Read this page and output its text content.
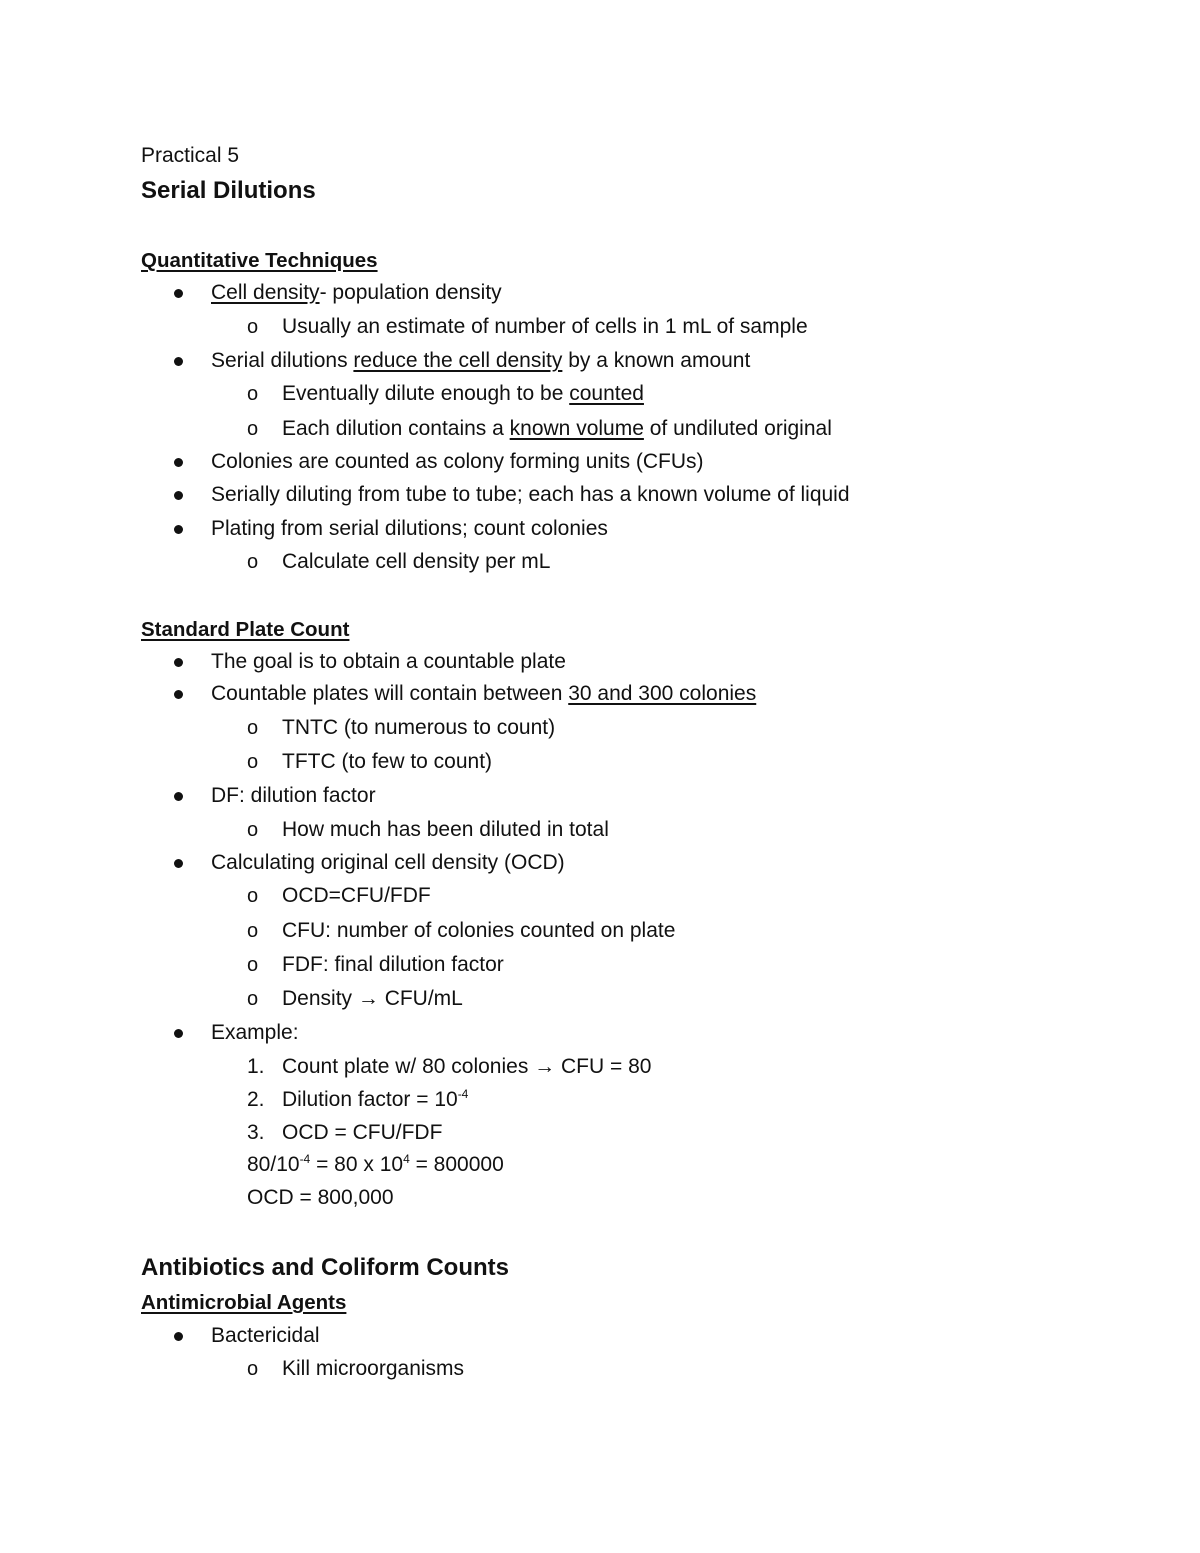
Practical 5
Serial Dilutions
Quantitative Techniques
Cell density- population density
o Usually an estimate of number of cells in 1 mL of sample
Serial dilutions reduce the cell density by a known amount
o Eventually dilute enough to be counted
o Each dilution contains a known volume of undiluted original
Colonies are counted as colony forming units (CFUs)
Serially diluting from tube to tube; each has a known volume of liquid
Plating from serial dilutions; count colonies
o Calculate cell density per mL
Standard Plate Count
The goal is to obtain a countable plate
Countable plates will contain between 30 and 300 colonies
o TNTC (to numerous to count)
o TFTC (to few to count)
DF: dilution factor
o How much has been diluted in total
Calculating original cell density (OCD)
o OCD=CFU/FDF
o CFU: number of colonies counted on plate
o FDF: final dilution factor
o Density → CFU/mL
Example:
1. Count plate w/ 80 colonies → CFU = 80
2. Dilution factor = $10^{-4}$
3. OCD = CFU/FDF
$80/10^{-4} = 80$ x $10^4 = 800000$
OCD = 800,000
Antibiotics and Coliform Counts
Antimicrobial Agents
Bactericidal
o Kill microorganisms
